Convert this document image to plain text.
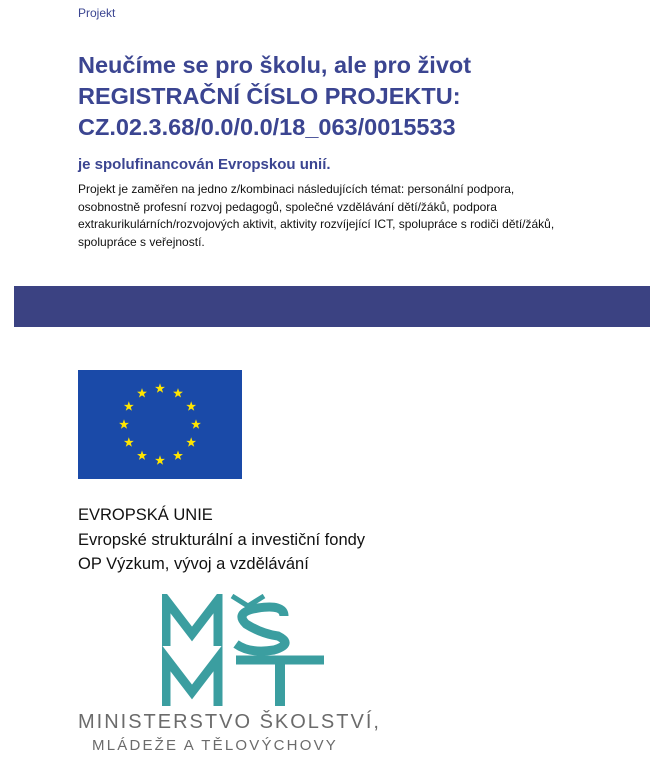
Projekt
Neučíme se pro školu, ale pro život
REGISTRAČNÍ ČÍSLO PROJEKTU:
CZ.02.3.68/0.0/0.0/18_063/0015533
je spolufinancován Evropskou unií.
Projekt je zaměřen na jedno z/kombinaci následujících témat: personální podpora, osobnostně profesní rozvoj pedagogů, společné vzdělávání dětí/žáků, podpora extrakurikulárních/rozvojových aktivit, aktivity rozvíjející ICT, spolupráce s rodiči dětí/žáků, spolupráce s veřejností.
EVROPSKÁ UNIE
Evropské strukturální a investiční fondy
OP Výzkum, vývoj a vzdělávání
MINISTERSTVO ŠKOLSTVÍ,
MLÁDEŽE A TĚLOVÝCHOVY
